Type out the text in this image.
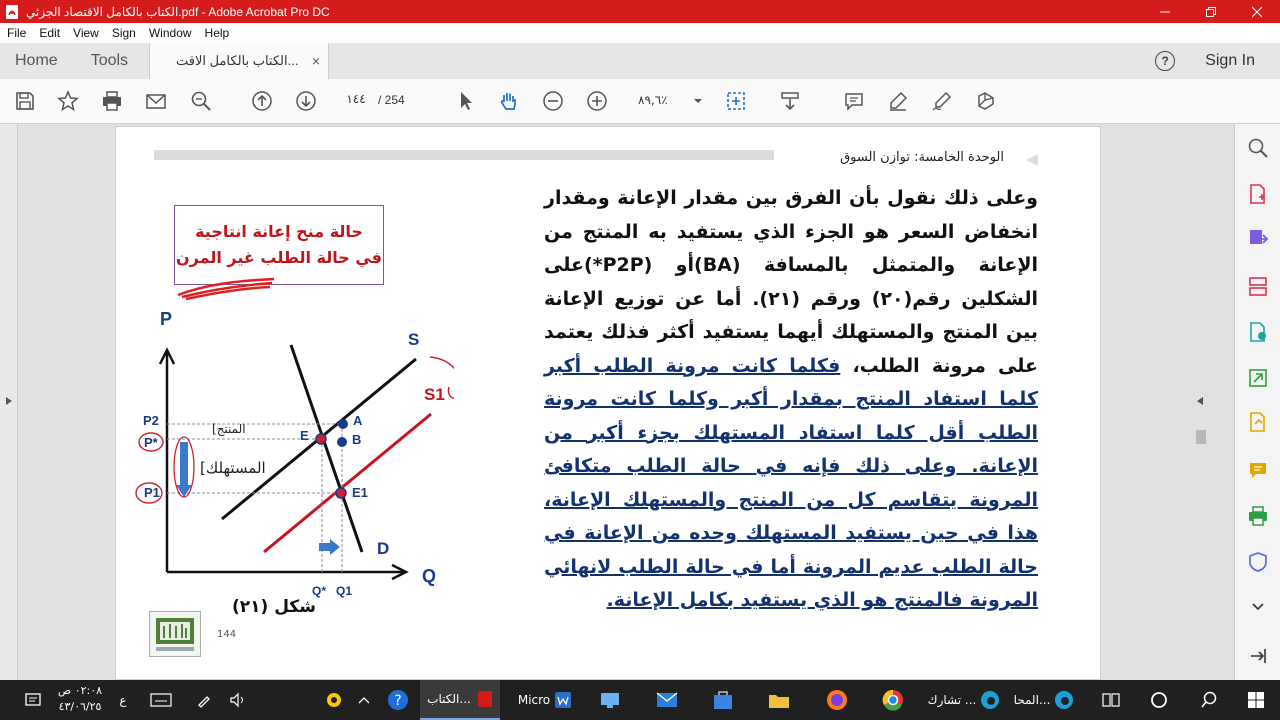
الكتاب بالكامل الاقتصاد الجزئي.pdf - Adobe Acrobat Pro DC
File	Edit	View	Sign	Window	Help
Home Tools	الكتاب بالكامل الاقت... ×	?	Sign In
١٤٤ / 254	٨٩,٦٪
الوحدة الخامسة: توازن السوق
حالة منح إعانة انتاجية
في حالة الطلب غير المرن
P
Q
S
S1
D
A
B
E
E1
P2
P*
P1
Q* Q1
[المنتج
[المستهلك
شكل (٢١)
144
وعلى ذلك نقول بأن الفرق بين مقدار الإعانة ومقدار انخفاض السعر هو الجزء الذي يستفيد به المنتج من الإعانة والمتمثل بالمسافة (BA)أو (P2P*)على الشكلين رقم(٢٠) ورقم (٢١). أما عن توزيع الإعانة بين المنتج والمستهلك أيهما يستفيد أكثر فذلك يعتمد على مرونة الطلب، فكلما كانت مرونة الطلب أكبر كلما استفاد المنتج بمقدار أكبر وكلما كانت مرونة الطلب أقل كلما استفاد المستهلك بجزء أكبر من الإعانة. وعلى ذلك فإنه في حالة الطلب متكافئ المرونة يتقاسم كل من المنتج والمستهلك الإعانة، هذا في حين يستفيد المستهلك وحده من الإعانة في حالة الطلب عديم المرونة أما في حالة الطلب لانهائي المرونة فالمنتج هو الذي يستفيد بكامل الإعانة.
٠٢:٠٨ ص
٤٣/٠٦/٢٥	ع	? الكتاب...	Micro	تشارك ...	المحا...
